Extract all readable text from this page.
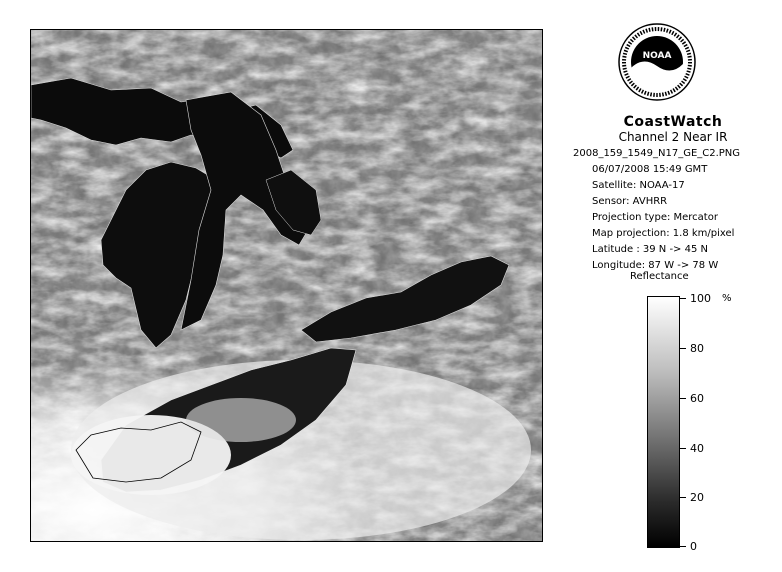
NOAA

CoastWatch

Channel 2 Near IR

2008_159_1549_N17_GE_C2.PNG
06/07/2008 15:49 GMT
Satellite: NOAA-17
Sensor: AVHRR
Projection type: Mercator
Map projection: 1.8 km/pixel
Latitude : 39 N -> 45 N
Longitude: 87 W -> 78 W
Reflectance
%
100
80
60
40
20
0
